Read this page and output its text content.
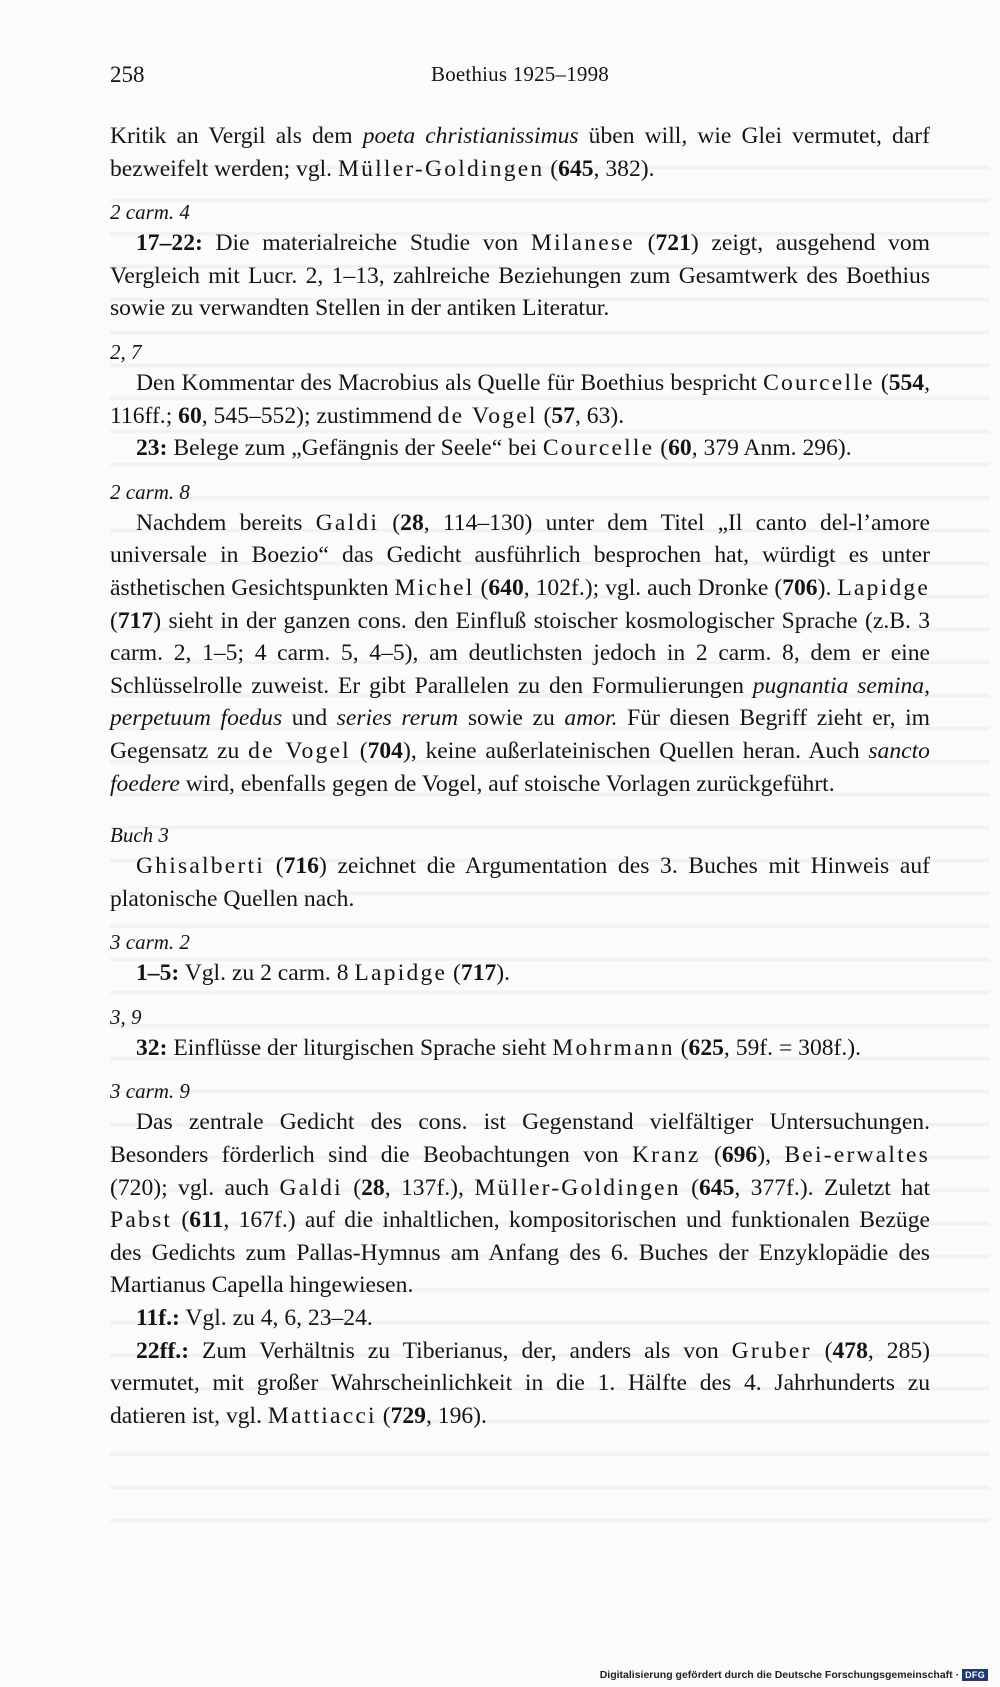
258	Boethius 1925–1998

Kritik an Vergil als dem poeta christianissimus üben will, wie Glei vermutet, darf bezweifelt werden; vgl. Müller-Goldingen (645, 382).

2 carm. 4

17–22: Die materialreiche Studie von Milanese (721) zeigt, ausgehend vom Vergleich mit Lucr. 2, 1–13, zahlreiche Beziehungen zum Gesamtwerk des Boethius sowie zu verwandten Stellen in der antiken Literatur.

2, 7

Den Kommentar des Macrobius als Quelle für Boethius bespricht Courcelle (554, 116ff.; 60, 545–552); zustimmend de Vogel (57, 63).

23: Belege zum „Gefängnis der Seele“ bei Courcelle (60, 379 Anm. 296).

2 carm. 8

Nachdem bereits Galdi (28, 114–130) unter dem Titel „Il canto del-l’amore universale in Boezio“ das Gedicht ausführlich besprochen hat, würdigt es unter ästhetischen Gesichtspunkten Michel (640, 102f.); vgl. auch Dronke (706). Lapidge (717) sieht in der ganzen cons. den Einfluß stoischer kosmologischer Sprache (z.B. 3 carm. 2, 1–5; 4 carm. 5, 4–5), am deutlichsten jedoch in 2 carm. 8, dem er eine Schlüsselrolle zuweist. Er gibt Parallelen zu den Formulierungen pugnantia semina, perpetuum foedus und series rerum sowie zu amor. Für diesen Begriff zieht er, im Gegensatz zu de Vogel (704), keine außerlateinischen Quellen heran. Auch sancto foedere wird, ebenfalls gegen de Vogel, auf stoische Vorlagen zurückgeführt.

Buch 3

Ghisalberti (716) zeichnet die Argumentation des 3. Buches mit Hinweis auf platonische Quellen nach.

3 carm. 2

1–5: Vgl. zu 2 carm. 8 Lapidge (717).

3, 9

32: Einflüsse der liturgischen Sprache sieht Mohrmann (625, 59f. = 308f.).

3 carm. 9

Das zentrale Gedicht des cons. ist Gegenstand vielfältiger Untersuchungen. Besonders förderlich sind die Beobachtungen von Kranz (696), Bei-erwaltes (720); vgl. auch Galdi (28, 137f.), Müller-Goldingen (645, 377f.). Zuletzt hat Pabst (611, 167f.) auf die inhaltlichen, kompositorischen und funktionalen Bezüge des Gedichts zum Pallas-Hymnus am Anfang des 6. Buches der Enzyklopädie des Martianus Capella hingewiesen.

11f.: Vgl. zu 4, 6, 23–24.

22ff.: Zum Verhältnis zu Tiberianus, der, anders als von Gruber (478, 285) vermutet, mit großer Wahrscheinlichkeit in die 1. Hälfte des 4. Jahrhunderts zu datieren ist, vgl. Mattiacci (729, 196).

Digitalisierung gefördert durch die Deutsche Forschungsgemeinschaft · DFG
